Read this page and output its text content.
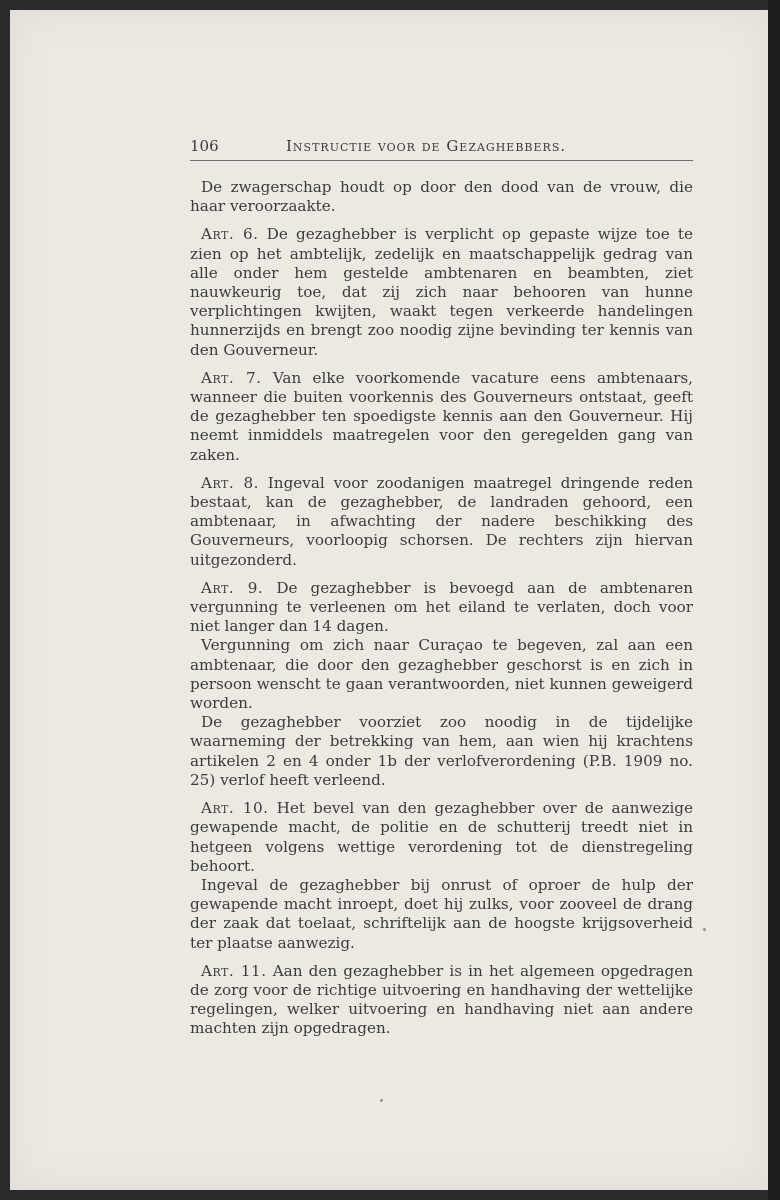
106	Instructie voor de Gezaghebbers.

De zwagerschap houdt op door den dood van de vrouw, die haar veroorzaakte.

Art. 6. De gezaghebber is verplicht op gepaste wijze toe te zien op het ambtelijk, zedelijk en maatschappelijk gedrag van alle onder hem gestelde ambtenaren en beambten, ziet nauwkeurig toe, dat zij zich naar behooren van hunne verplichtingen kwijten, waakt tegen verkeerde handelingen hunnerzijds en brengt zoo noodig zijne bevinding ter kennis van den Gouverneur.

Art. 7. Van elke voorkomende vacature eens ambtenaars, wanneer die buiten voorkennis des Gouverneurs ontstaat, geeft de gezaghebber ten spoedigste kennis aan den Gouverneur. Hij neemt inmiddels maatregelen voor den geregelden gang van zaken.

Art. 8. Ingeval voor zoodanigen maatregel dringende reden bestaat, kan de gezaghebber, de landraden gehoord, een ambtenaar, in afwachting der nadere beschikking des Gouverneurs, voorloopig schorsen. De rechters zijn hiervan uitgezonderd.

Art. 9. De gezaghebber is bevoegd aan de ambtenaren vergunning te verleenen om het eiland te verlaten, doch voor niet langer dan 14 dagen.

Vergunning om zich naar Curaçao te begeven, zal aan een ambtenaar, die door den gezaghebber geschorst is en zich in persoon wenscht te gaan verantwoorden, niet kunnen geweigerd worden.

De gezaghebber voorziet zoo noodig in de tijdelijke waarneming der betrekking van hem, aan wien hij krachtens artikelen 2 en 4 onder 1b der verlofverordening (P.B. 1909 no. 25) verlof heeft verleend.

Art. 10. Het bevel van den gezaghebber over de aanwezige gewapende macht, de politie en de schutterij treedt niet in hetgeen volgens wettige verordening tot de dienstregeling behoort.

Ingeval de gezaghebber bij onrust of oproer de hulp der gewapende macht inroept, doet hij zulks, voor zooveel de drang der zaak dat toelaat, schriftelijk aan de hoogste krijgsoverheid ter plaatse aanwezig.

Art. 11. Aan den gezaghebber is in het algemeen opgedragen de zorg voor de richtige uitvoering en handhaving der wettelijke regelingen, welker uitvoering en handhaving niet aan andere machten zijn opgedragen.
